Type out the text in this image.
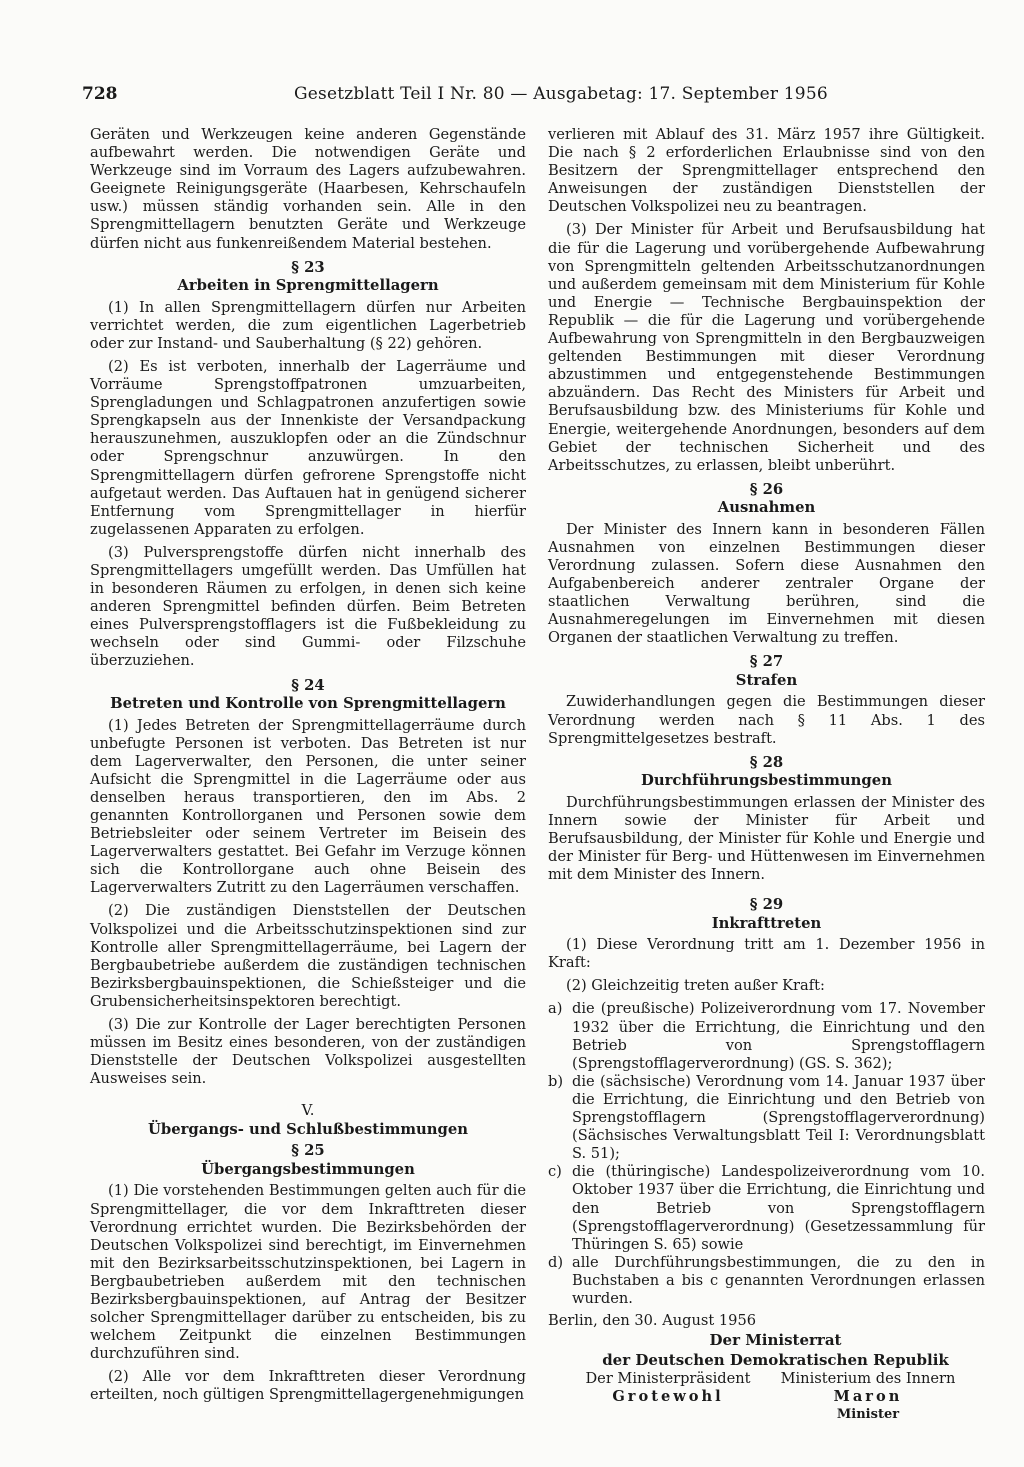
728	Gesetzblatt Teil I Nr. 80 — Ausgabetag: 17. September 1956

Geräten und Werkzeugen keine anderen Gegenstände aufbewahrt werden. Die notwendigen Geräte und Werkzeuge sind im Vorraum des Lagers aufzubewahren. Geeignete Reinigungsgeräte (Haarbesen, Kehrschaufeln usw.) müssen ständig vorhanden sein. Alle in den Sprengmittellagern benutzten Geräte und Werkzeuge dürfen nicht aus funkenreißendem Material bestehen.

§ 23
Arbeiten in Sprengmittellagern

(1) In allen Sprengmittellagern dürfen nur Arbeiten verrichtet werden, die zum eigentlichen Lagerbetrieb oder zur Instand- und Sauberhaltung (§ 22) gehören.

(2) Es ist verboten, innerhalb der Lagerräume und Vorräume Sprengstoffpatronen umzuarbeiten, Sprengladungen und Schlagpatronen anzufertigen sowie Sprengkapseln aus der Innenkiste der Versandpackung herauszunehmen, auszuklopfen oder an die Zündschnur oder Sprengschnur anzuwürgen. In den Sprengmittellagern dürfen gefrorene Sprengstoffe nicht aufgetaut werden. Das Auftauen hat in genügend sicherer Entfernung vom Sprengmittellager in hierfür zugelassenen Apparaten zu erfolgen.

(3) Pulversprengstoffe dürfen nicht innerhalb des Sprengmittellagers umgefüllt werden. Das Umfüllen hat in besonderen Räumen zu erfolgen, in denen sich keine anderen Sprengmittel befinden dürfen. Beim Betreten eines Pulversprengstofflagers ist die Fußbekleidung zu wechseln oder sind Gummi- oder Filzschuhe überzuziehen.

§ 24
Betreten und Kontrolle von Sprengmittellagern

(1) Jedes Betreten der Sprengmittellagerräume durch unbefugte Personen ist verboten. Das Betreten ist nur dem Lagerverwalter, den Personen, die unter seiner Aufsicht die Sprengmittel in die Lagerräume oder aus denselben heraus transportieren, den im Abs. 2 genannten Kontrollorganen und Personen sowie dem Betriebsleiter oder seinem Vertreter im Beisein des Lagerverwalters gestattet. Bei Gefahr im Verzuge können sich die Kontrollorgane auch ohne Beisein des Lagerverwalters Zutritt zu den Lagerräumen verschaffen.

(2) Die zuständigen Dienststellen der Deutschen Volkspolizei und die Arbeitsschutzinspektionen sind zur Kontrolle aller Sprengmittellagerräume, bei Lagern der Bergbaubetriebe außerdem die zuständigen technischen Bezirksbergbauinspektionen, die Schießsteiger und die Grubensicherheitsinspektoren berechtigt.

(3) Die zur Kontrolle der Lager berechtigten Personen müssen im Besitz eines besonderen, von der zuständigen Dienststelle der Deutschen Volkspolizei ausgestellten Ausweises sein.

V.
Übergangs- und Schlußbestimmungen
§ 25
Übergangsbestimmungen

(1) Die vorstehenden Bestimmungen gelten auch für die Sprengmittellager, die vor dem Inkrafttreten dieser Verordnung errichtet wurden. Die Bezirksbehörden der Deutschen Volkspolizei sind berechtigt, im Einvernehmen mit den Bezirksarbeitsschutzinspektionen, bei Lagern in Bergbaubetrieben außerdem mit den technischen Bezirksbergbauinspektionen, auf Antrag der Besitzer solcher Sprengmittellager darüber zu entscheiden, bis zu welchem Zeitpunkt die einzelnen Bestimmungen durchzuführen sind.

(2) Alle vor dem Inkrafttreten dieser Verordnung erteilten, noch gültigen Sprengmittellagergenehmigungen

verlieren mit Ablauf des 31. März 1957 ihre Gültigkeit. Die nach § 2 erforderlichen Erlaubnisse sind von den Besitzern der Sprengmittellager entsprechend den Anweisungen der zuständigen Dienststellen der Deutschen Volkspolizei neu zu beantragen.

(3) Der Minister für Arbeit und Berufsausbildung hat die für die Lagerung und vorübergehende Aufbewahrung von Sprengmitteln geltenden Arbeitsschutzanordnungen und außerdem gemeinsam mit dem Ministerium für Kohle und Energie — Technische Bergbauinspektion der Republik — die für die Lagerung und vorübergehende Aufbewahrung von Sprengmitteln in den Bergbauzweigen geltenden Bestimmungen mit dieser Verordnung abzustimmen und entgegenstehende Bestimmungen abzuändern. Das Recht des Ministers für Arbeit und Berufsausbildung bzw. des Ministeriums für Kohle und Energie, weitergehende Anordnungen, besonders auf dem Gebiet der technischen Sicherheit und des Arbeitsschutzes, zu erlassen, bleibt unberührt.

§ 26
Ausnahmen

Der Minister des Innern kann in besonderen Fällen Ausnahmen von einzelnen Bestimmungen dieser Verordnung zulassen. Sofern diese Ausnahmen den Aufgabenbereich anderer zentraler Organe der staatlichen Verwaltung berühren, sind die Ausnahmeregelungen im Einvernehmen mit diesen Organen der staatlichen Verwaltung zu treffen.

§ 27
Strafen

Zuwiderhandlungen gegen die Bestimmungen dieser Verordnung werden nach § 11 Abs. 1 des Sprengmittelgesetzes bestraft.

§ 28
Durchführungsbestimmungen

Durchführungsbestimmungen erlassen der Minister des Innern sowie der Minister für Arbeit und Berufsausbildung, der Minister für Kohle und Energie und der Minister für Berg- und Hüttenwesen im Einvernehmen mit dem Minister des Innern.

§ 29
Inkrafttreten

(1) Diese Verordnung tritt am 1. Dezember 1956 in Kraft:

(2) Gleichzeitig treten außer Kraft:

a) die (preußische) Polizeiverordnung vom 17. November 1932 über die Errichtung, die Einrichtung und den Betrieb von Sprengstofflagern (Sprengstofflagerverordnung) (GS. S. 362);
b) die (sächsische) Verordnung vom 14. Januar 1937 über die Errichtung, die Einrichtung und den Betrieb von Sprengstofflagern (Sprengstofflagerverordnung) (Sächsisches Verwaltungsblatt Teil I: Verordnungsblatt S. 51);
c) die (thüringische) Landespolizeiverordnung vom 10. Oktober 1937 über die Errichtung, die Einrichtung und den Betrieb von Sprengstofflagern (Sprengstofflagerverordnung) (Gesetzessammlung für Thüringen S. 65) sowie
d) alle Durchführungsbestimmungen, die zu den in Buchstaben a bis c genannten Verordnungen erlassen wurden.

Berlin, den 30. August 1956

Der Ministerrat

der Deutschen Demokratischen Republik

Der Ministerpräsident
Grotewohl
Ministerium des Innern
Maron
Minister
